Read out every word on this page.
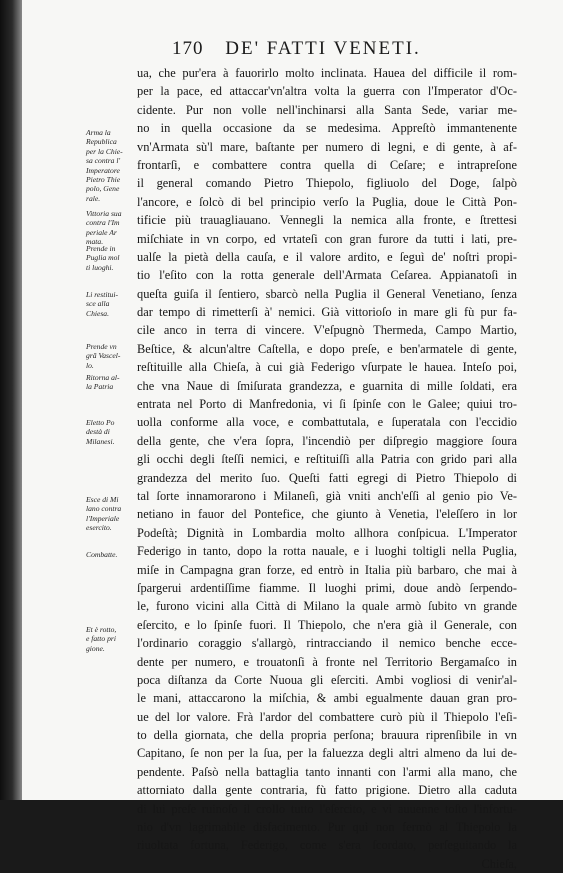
170 DE' FATTI VENETI.
Arma la
Republica
per la Chie-
sa contra l'
Imperatore
Pietro Thie
polo, Gene
rale.
Vittoria sua
contra l'Im
periale Ar
mata.
Prende in
Puglia mol
ti luoghi.
Li restitui-
sce alla
Chiesa.
Prende vn
grā Vascel-
lo.
Ritorna al-
la Patria
Eletto Po
destà di
Milanesi.
Esce di Mi
lano contra
l'Imperiale
esercito.
Combatte.
Et è rotto,
e fatto pri
gione.
ua, che pur'era à fauorirlo molto inclinata. Hauea del difficile il rom-
per la pace, ed attaccar'vn'altra volta la guerra con l'Imperator d'Oc-
cidente. Pur non volle nell'inchinarsi alla Santa Sede, variar me-
no in quella occasione da se medesima. Appreſtò immantenente
vn'Armata sù'l mare, baſtante per numero di legni, e di gente, à af-
frontarſi, e combattere contra quella di Ceſare; e intrapreſone
il general comando Pietro Thiepolo, figliuolo del Doge, ſalpò
l'ancore, e ſolcò di bel principio verſo la Puglia, doue le Città Pon-
tificie più trauagliauano. Vennegli la nemica alla fronte, e ſtrettesi
miſchiate in vn corpo, ed vrtateſi con gran furore da tutti i lati, pre-
ualſe la pietà della cauſa, e il valore ardito, e ſeguì de' noſtri propi-
tio l'eſito con la rotta generale dell'Armata Ceſarea. Appianatoſi in
queſta guiſa il ſentiero, sbarcò nella Puglia il General Venetiano, ſenza
dar tempo di rimetterſi à' nemici. Già vittorioſo in mare gli fù pur fa-
cile anco in terra di vincere. V'eſpugnò Thermeda, Campo Martio,
Beſtice, & alcun'altre Caſtella, e dopo preſe, e ben'armatele di gente,
reſtituille alla Chieſa, à cui già Federigo vſurpate le hauea. Inteſo poi,
che vna Naue di ſmiſurata grandezza, e guarnita di mille ſoldati, era
entrata nel Porto di Manfredonia, vi ſi ſpinſe con le Galee; quiui tro-
uolla conforme alla voce, e combattutala, e ſuperatala con l'eccidio
della gente, che v'era ſopra, l'incendiò per diſpregio maggiore ſoura
gli occhi degli ſteſſi nemici, e reſtituiſſi alla Patria con grido pari alla
grandezza del merito ſuo. Queſti fatti egregi di Pietro Thiepolo di
tal ſorte innamorarono i Milaneſi, già vniti anch'eſſi al genio pio Ve-
netiano in fauor del Pontefice, che giunto à Venetia, l'eleſſero in lor
Podeſtà; Dignità in Lombardia molto allhora conſpicua. L'Imperator
Federigo in tanto, dopo la rotta nauale, e i luoghi toltigli nella Puglia,
miſe in Campagna gran forze, ed entrò in Italia più barbaro, che mai à
ſpargerui ardentiſſime fiamme. Il luoghi primi, doue andò ſerpendo-
le, furono vicini alla Città di Milano la quale armò ſubito vn grande
eſercito, e lo ſpinſe fuori. Il Thiepolo, che n'era già il Generale, con
l'ordinario coraggio s'allargò, rintracciando il nemico benche ecce-
dente per numero, e trouatonſi à fronte nel Territorio Bergamaſco in
poca diſtanza da Corte Nuoua gli eſerciti. Ambi vogliosi di venir'al-
le mani, attaccarono la miſchia, & ambi egualmente dauan gran pro-
ue del lor valore. Frà l'ardor del combattere curò più il Thiepolo l'eſi-
to della giornata, che della propria perſona; brauura riprenſibile in vn
Capitano, ſe non per la ſua, per la faluezza degli altri almeno da lui de-
pendente. Paſsò nella battaglia tanto innanti con l'armi alla mano, che
attorniato dalla gente contraria, fù fatto prigione. Dietro alla caduta
di lui preſe ruinoſo il crollo tutto l'eſercito, e vi auuenne toſto l'infortu-
nio d'vn lagrimabile disfacimento. Pur quì non fermò al Thiepolo la
riuoltata fortuna, Federigo, come s'era ſcordato, perſeguitando la
Chieſa,
